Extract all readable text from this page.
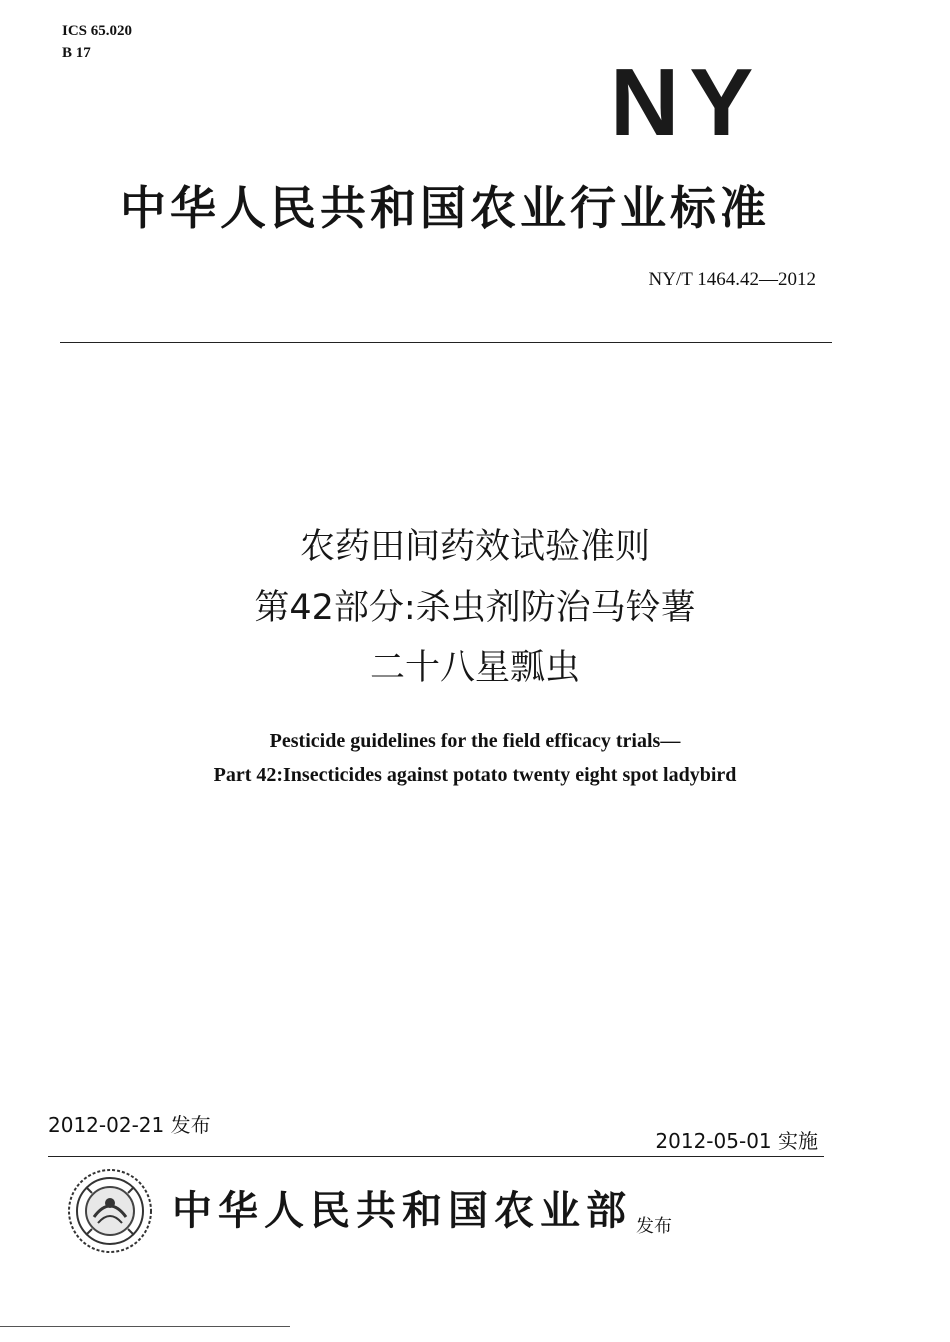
ICS 65.020
B 17	NY
中华人民共和国农业行业标准
NY/T 1464.42—2012
农药田间药效试验准则
第42部分:杀虫剂防治马铃薯
二十八星瓢虫
Pesticide guidelines for the field efficacy trials—
Part 42:Insecticides against potato twenty eight spot ladybird
2012-02-21 发布
2012-05-01 实施
中华人民共和国农业部 发布
